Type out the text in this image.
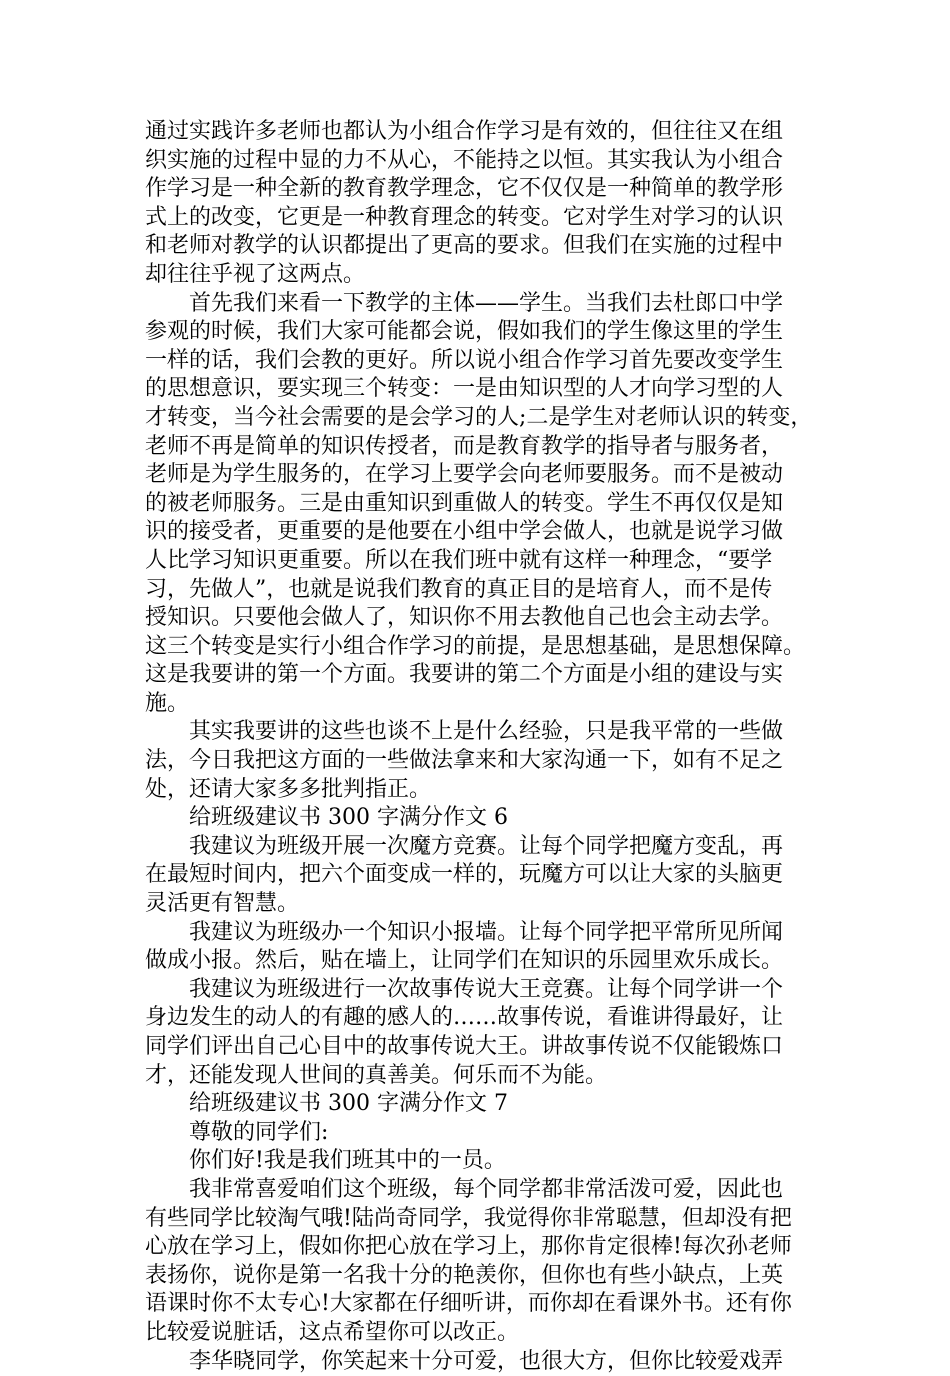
通过实践许多老师也都认为小组合作学习是有效的，但往往又在组
织实施的过程中显的力不从心，不能持之以恒。其实我认为小组合
作学习是一种全新的教育教学理念，它不仅仅是一种简单的教学形
式上的改变，它更是一种教育理念的转变。它对学生对学习的认识
和老师对教学的认识都提出了更高的要求。但我们在实施的过程中
却往往乎视了这两点。
首先我们来看一下教学的主体——学生。当我们去杜郎口中学
参观的时候，我们大家可能都会说，假如我们的学生像这里的学生
一样的话，我们会教的更好。所以说小组合作学习首先要改变学生
的思想意识，要实现三个转变：一是由知识型的人才向学习型的人
才转变，当今社会需要的是会学习的人;二是学生对老师认识的转变，
老师不再是简单的知识传授者，而是教育教学的指导者与服务者，
老师是为学生服务的，在学习上要学会向老师要服务。而不是被动
的被老师服务。三是由重知识到重做人的转变。学生不再仅仅是知
识的接受者，更重要的是他要在小组中学会做人，也就是说学习做
人比学习知识更重要。所以在我们班中就有这样一种理念，“要学
习，先做人”，也就是说我们教育的真正目的是培育人，而不是传
授知识。只要他会做人了，知识你不用去教他自己也会主动去学。
这三个转变是实行小组合作学习的前提，是思想基础，是思想保障。
这是我要讲的第一个方面。我要讲的第二个方面是小组的建设与实
施。
其实我要讲的这些也谈不上是什么经验，只是我平常的一些做
法，今日我把这方面的一些做法拿来和大家沟通一下，如有不足之
处，还请大家多多批判指正。
给班级建议书 300 字满分作文 6
我建议为班级开展一次魔方竞赛。让每个同学把魔方变乱，再
在最短时间内，把六个面变成一样的，玩魔方可以让大家的头脑更
灵活更有智慧。
我建议为班级办一个知识小报墙。让每个同学把平常所见所闻
做成小报。然后，贴在墙上，让同学们在知识的乐园里欢乐成长。
我建议为班级进行一次故事传说大王竞赛。让每个同学讲一个
身边发生的动人的有趣的感人的……故事传说，看谁讲得最好，让
同学们评出自己心目中的故事传说大王。讲故事传说不仅能锻炼口
才，还能发现人世间的真善美。何乐而不为能。
给班级建议书 300 字满分作文 7
尊敬的同学们:
你们好!我是我们班其中的一员。
我非常喜爱咱们这个班级，每个同学都非常活泼可爱，因此也
有些同学比较淘气哦!陆尚奇同学，我觉得你非常聪慧，但却没有把
心放在学习上，假如你把心放在学习上，那你肯定很棒!每次孙老师
表扬你，说你是第一名我十分的艳羡你，但你也有些小缺点，上英
语课时你不太专心!大家都在仔细听讲，而你却在看课外书。还有你
比较爱说脏话，这点希望你可以改正。
李华晓同学，你笑起来十分可爱，也很大方，但你比较爱戏弄
